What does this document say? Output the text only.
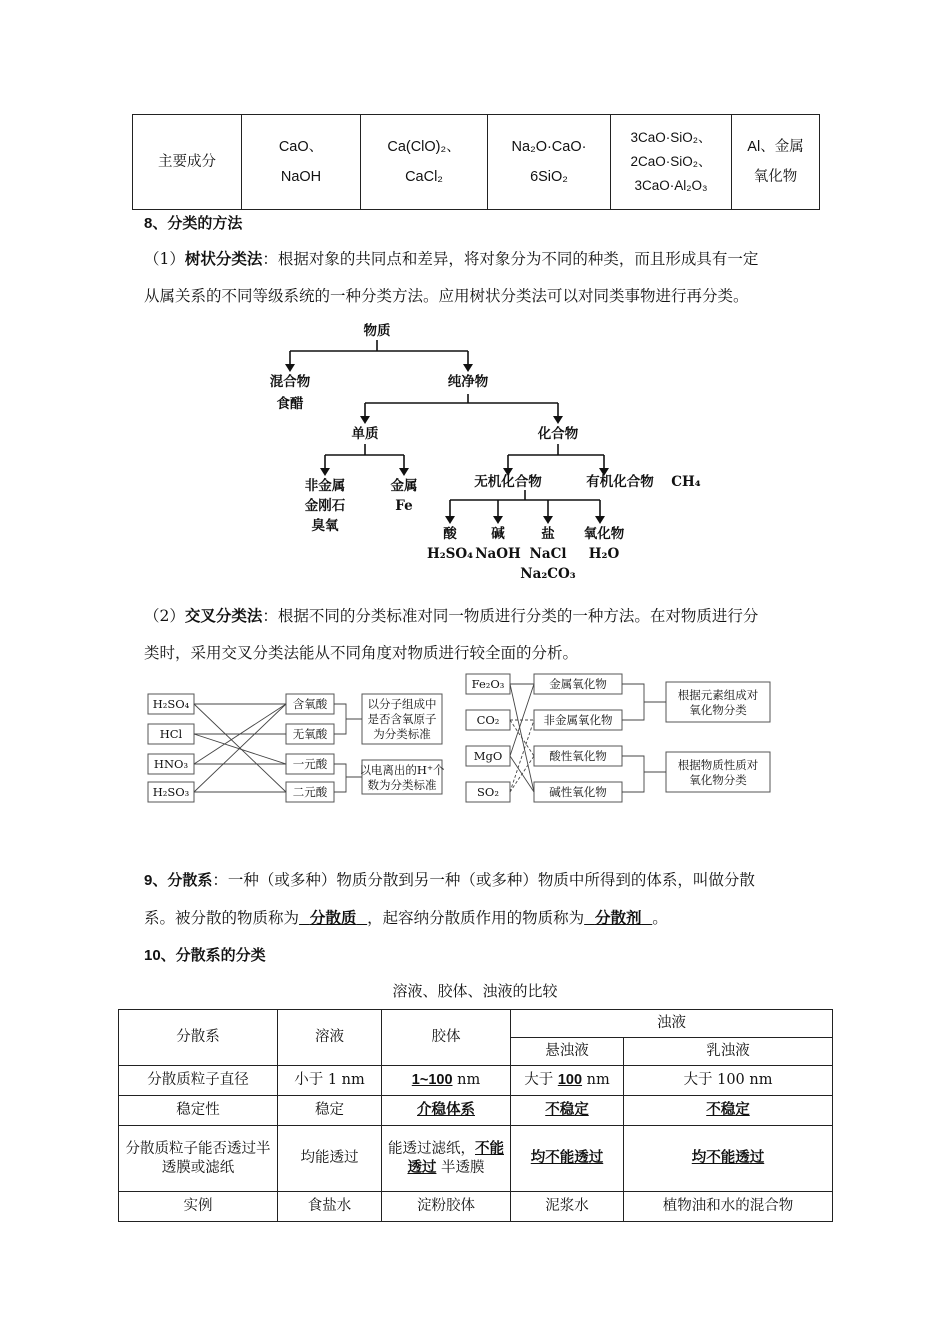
主要成分	
CaO、
NaOH

Ca(ClO)₂、
CaCl₂

Na₂O·CaO·
6SiO₂

3CaO·SiO₂、
2CaO·SiO₂、
3CaO·Al₂O₃

Al、金属
氧化物
8、分类的方法
（1）树状分类法：根据对象的共同点和差异，将对象分为不同的种类，而且形成具有一定
从属关系的不同等级系统的一种分类方法。应用树状分类法可以对同类事物进行再分类。
物质
混合物
食醋
纯净物
单质	化合物
非金属
金刚石
臭氧
金属
Fe
无机化合物	有机化合物 CH₄
酸
H₂SO₄
碱
NaOH
盐
NaCl
Na₂CO₃
氧化物
H₂O
（2）交叉分类法：根据不同的分类标准对同一物质进行分类的一种方法。在对物质进行分
类时，采用交叉分类法能从不同角度对物质进行较全面的分析。
H₂SO₄
HCl
HNO₃
H₂SO₃
含氧酸
无氧酸
一元酸
二元酸
以分子组成中
是否含氧原子
为分类标准
以电离出的H⁺个
数为分类标准
Fe₂O₃
CO₂
MgO
SO₂
金属氧化物
非金属氧化物
酸性氧化物
碱性氧化物
根据元素组成对
氧化物分类
根据物质性质对
氧化物分类
9、分散系：一种（或多种）物质分散到另一种（或多种）物质中所得到的体系，叫做分散
系。被分散的物质称为 分散质 ，起容纳分散质作用的物质称为 分散剂 。
10、分散系的分类
溶液、胶体、浊液的比较
分散系	溶液	胶体	浊液	
			悬浊液	乳浊液
分散质粒子直径	小于 1 nm	1~100 nm	大于 100 nm	大于 100 nm
稳定性	稳定	介稳体系	不稳定	不稳定
分散质粒子能否透过半透膜或滤纸	均能透过	能透过滤纸，不能透过 半透膜	均不能透过	均不能透过
实例	食盐水	淀粉胶体	泥浆水	植物油和水的混合物
